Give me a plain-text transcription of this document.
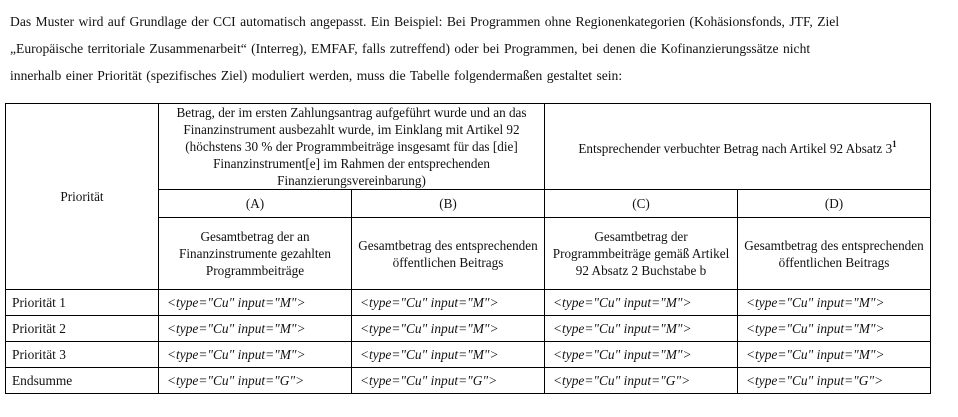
Das Muster wird auf Grundlage der CCI automatisch angepasst. Ein Beispiel: Bei Programmen ohne Regionenkategorien (Kohäsionsfonds, JTF, Ziel
„Europäische territoriale Zusammenarbeit“ (Interreg), EMFAF, falls zutreffend) oder bei Programmen, bei denen die Kofinanzierungssätze nicht
innerhalb einer Priorität (spezifisches Ziel) moduliert werden, muss die Tabelle folgendermaßen gestaltet sein:

Priorität	Betrag, der im ersten Zahlungsantrag aufgeführt wurde und an das Finanzinstrument ausbezahlt wurde, im Einklang mit Artikel 92 (höchstens 30 % der Programmbeiträge insgesamt für das [die] Finanzinstrument[e] im Rahmen der entsprechenden Finanzierungsvereinbarung)		Entsprechender verbuchter Betrag nach Artikel 92 Absatz $3^1$
	(A)	(B)	(C)	(D)
	Gesamtbetrag der an Finanzinstrumente gezahlten Programmbeiträge	Gesamtbetrag des entsprechenden öffentlichen Beitrags	Gesamtbetrag der Programmbeiträge gemäß Artikel 92 Absatz 2 Buchstabe b	Gesamtbetrag des entsprechenden öffentlichen Beitrags
Priorität 1	<type="Cu" input="M">	<type="Cu" input="M">	<type="Cu" input="M">	<type="Cu" input="M">
Priorität 2	<type="Cu" input="M">	<type="Cu" input="M">	<type="Cu" input="M">	<type="Cu" input="M">
Priorität 3	<type="Cu" input="M">	<type="Cu" input="M">	<type="Cu" input="M">	<type="Cu" input="M">
Endsumme	<type="Cu" input="G">	<type="Cu" input="G">	<type="Cu" input="G">	<type="Cu" input="G">
